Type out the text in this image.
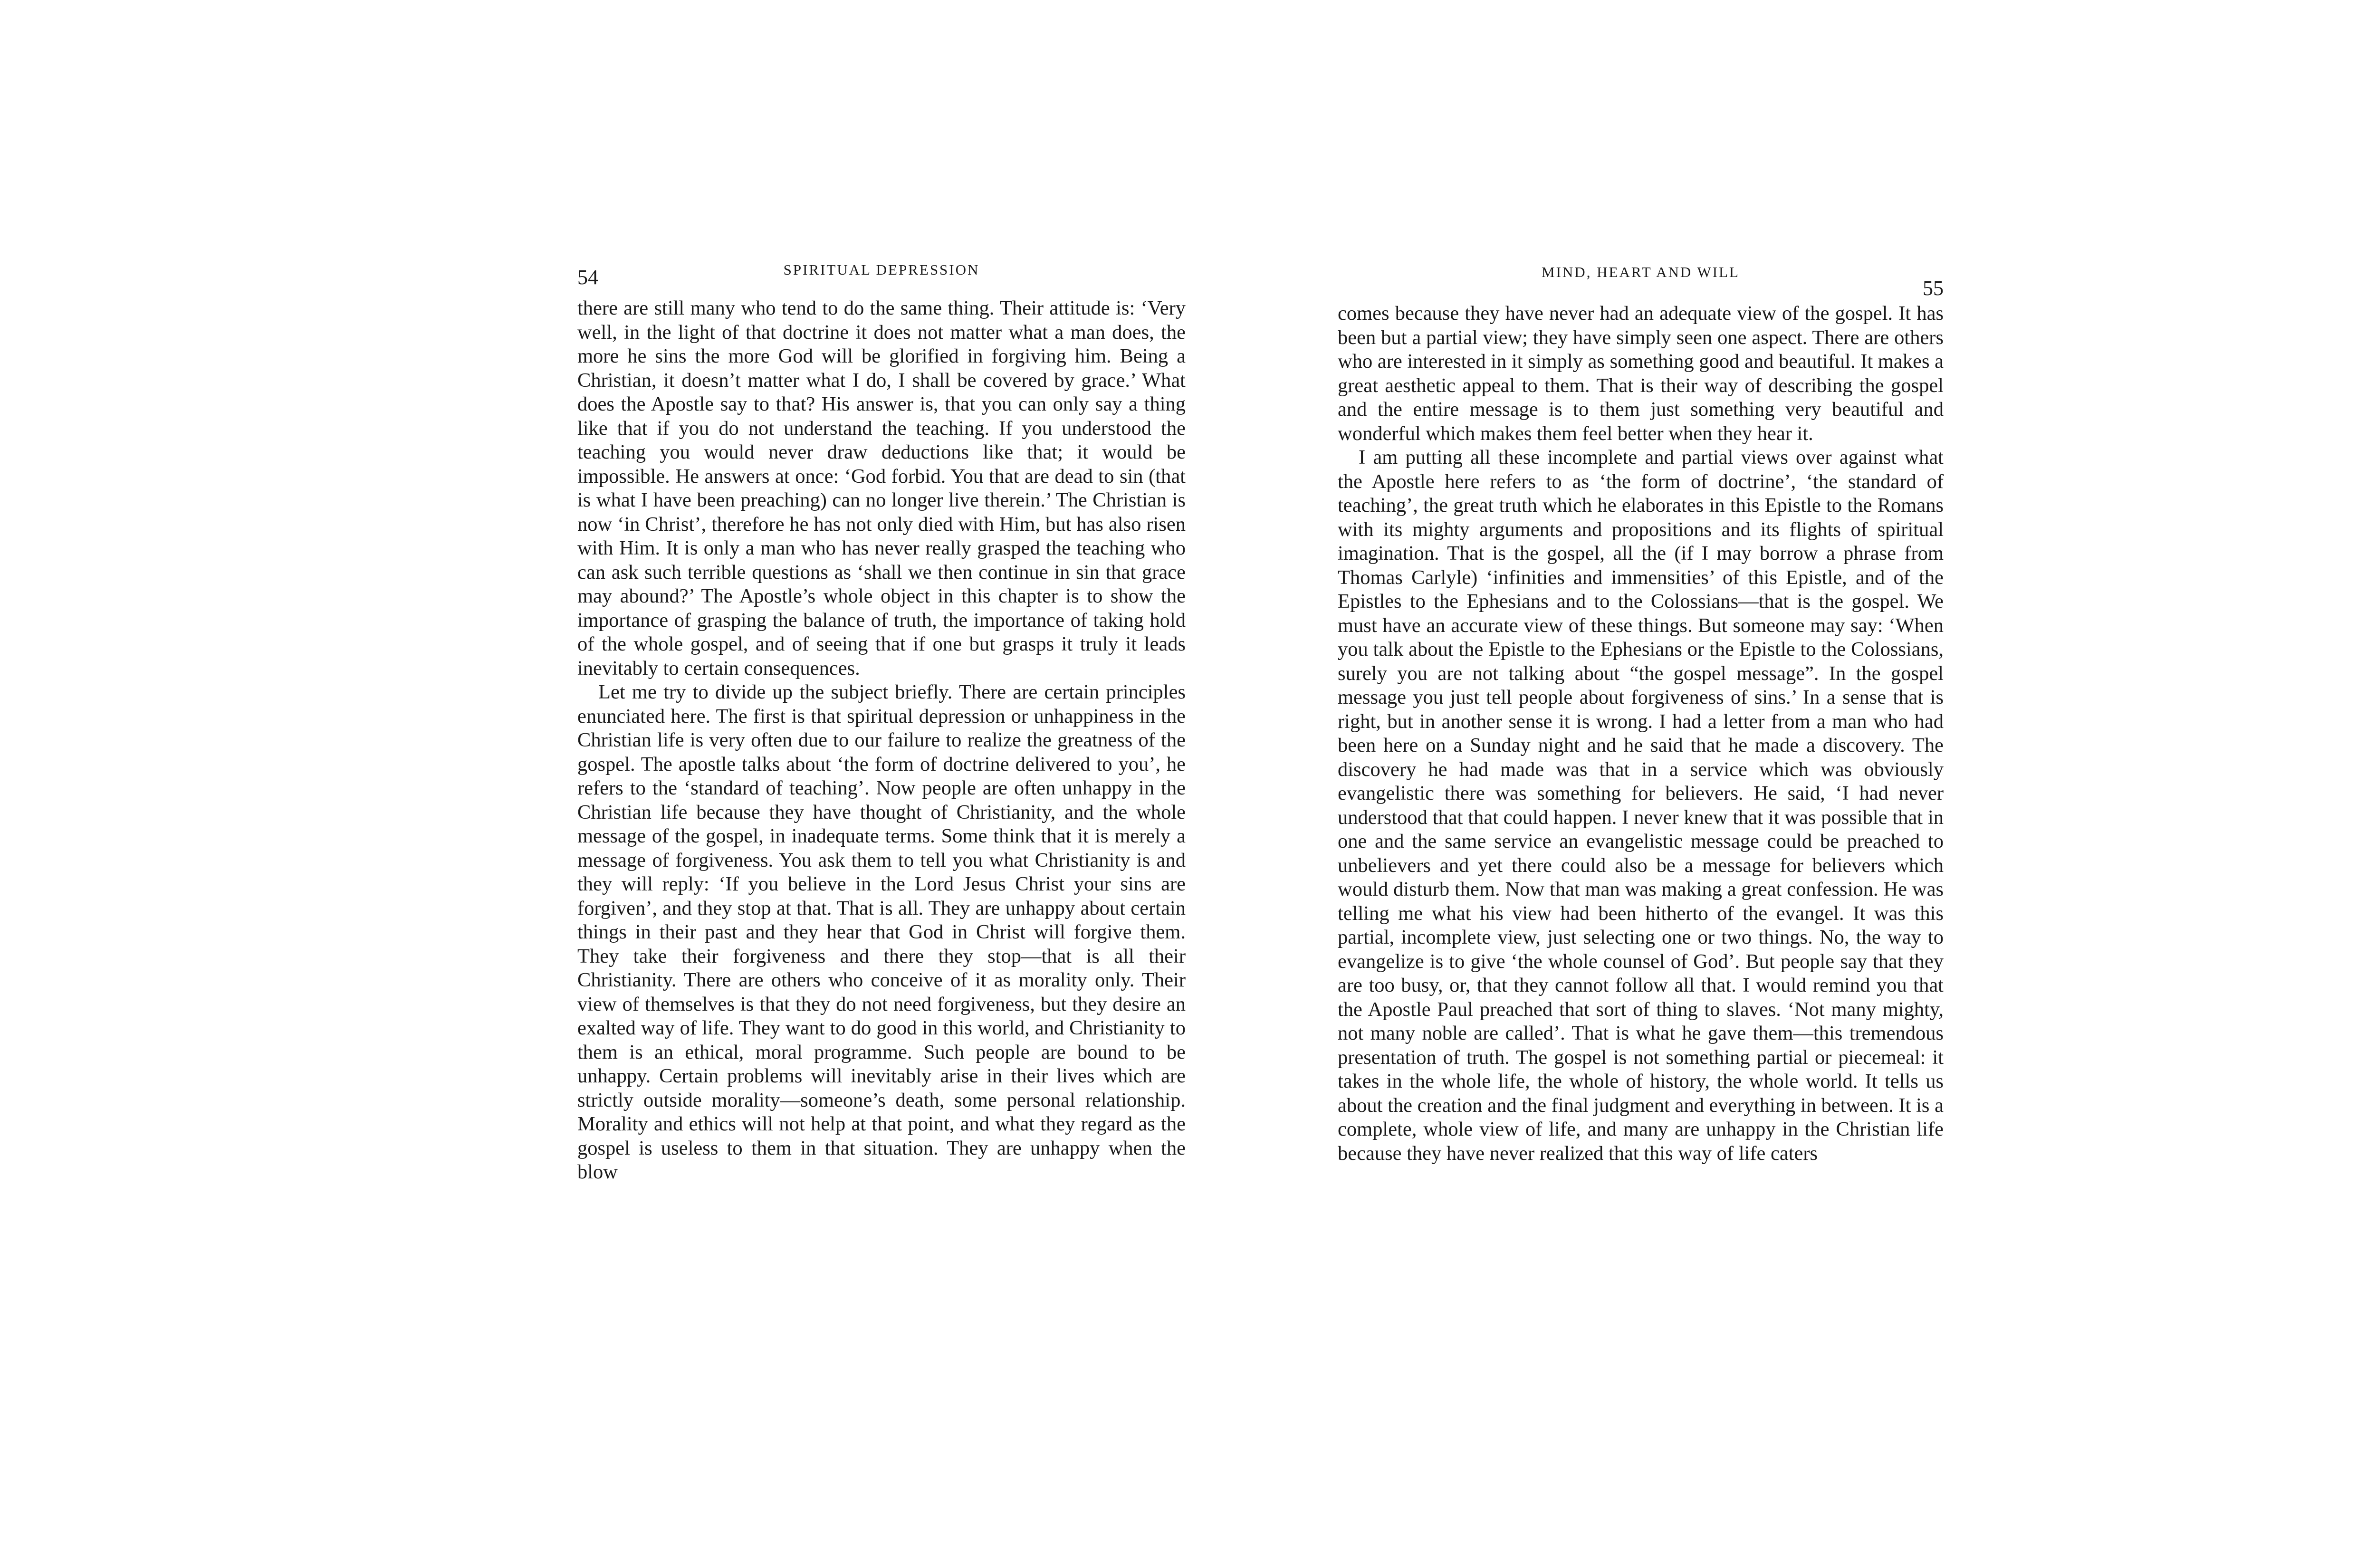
54	SPIRITUAL DEPRESSION

there are still many who tend to do the same thing. Their attitude is: ‘Very well, in the light of that doctrine it does not matter what a man does, the more he sins the more God will be glorified in forgiving him. Being a Christian, it doesn’t matter what I do, I shall be covered by grace.’ What does the Apostle say to that? His answer is, that you can only say a thing like that if you do not understand the teaching. If you understood the teaching you would never draw deductions like that; it would be impossible. He answers at once: ‘God forbid. You that are dead to sin (that is what I have been preaching) can no longer live therein.’ The Christian is now ‘in Christ’, therefore he has not only died with Him, but has also risen with Him. It is only a man who has never really grasped the teaching who can ask such terrible questions as ‘shall we then continue in sin that grace may abound?’ The Apostle’s whole object in this chapter is to show the importance of grasping the balance of truth, the importance of taking hold of the whole gospel, and of seeing that if one but grasps it truly it leads inevitably to certain consequences.

Let me try to divide up the subject briefly. There are certain principles enunciated here. The first is that spiritual depression or unhappiness in the Christian life is very often due to our failure to realize the greatness of the gospel. The apostle talks about ‘the form of doctrine delivered to you’, he refers to the ‘standard of teaching’. Now people are often unhappy in the Christian life because they have thought of Christianity, and the whole message of the gospel, in inadequate terms. Some think that it is merely a message of forgiveness. You ask them to tell you what Christianity is and they will reply: ‘If you believe in the Lord Jesus Christ your sins are forgiven’, and they stop at that. That is all. They are unhappy about certain things in their past and they hear that God in Christ will forgive them. They take their forgiveness and there they stop—that is all their Christianity. There are others who conceive of it as morality only. Their view of themselves is that they do not need forgiveness, but they desire an exalted way of life. They want to do good in this world, and Christianity to them is an ethical, moral programme. Such people are bound to be unhappy. Certain problems will inevitably arise in their lives which are strictly outside morality—someone’s death, some personal relationship. Morality and ethics will not help at that point, and what they regard as the gospel is useless to them in that situation. They are unhappy when the blow

MIND, HEART AND WILL
55

comes because they have never had an adequate view of the gospel. It has been but a partial view; they have simply seen one aspect. There are others who are interested in it simply as something good and beautiful. It makes a great aesthetic appeal to them. That is their way of describing the gospel and the entire message is to them just something very beautiful and wonderful which makes them feel better when they hear it.

I am putting all these incomplete and partial views over against what the Apostle here refers to as ‘the form of doctrine’, ‘the standard of teaching’, the great truth which he elaborates in this Epistle to the Romans with its mighty arguments and propositions and its flights of spiritual imagination. That is the gospel, all the (if I may borrow a phrase from Thomas Carlyle) ‘infinities and immensities’ of this Epistle, and of the Epistles to the Ephesians and to the Colossians—that is the gospel. We must have an accurate view of these things. But someone may say: ‘When you talk about the Epistle to the Ephesians or the Epistle to the Colossians, surely you are not talking about “the gospel message”. In the gospel message you just tell people about forgiveness of sins.’ In a sense that is right, but in another sense it is wrong. I had a letter from a man who had been here on a Sunday night and he said that he made a discovery. The discovery he had made was that in a service which was obviously evangelistic there was something for believers. He said, ‘I had never understood that that could happen. I never knew that it was possible that in one and the same service an evangelistic message could be preached to unbelievers and yet there could also be a message for believers which would disturb them. Now that man was making a great confession. He was telling me what his view had been hitherto of the evangel. It was this partial, incomplete view, just selecting one or two things. No, the way to evangelize is to give ‘the whole counsel of God’. But people say that they are too busy, or, that they cannot follow all that. I would remind you that the Apostle Paul preached that sort of thing to slaves. ‘Not many mighty, not many noble are called’. That is what he gave them—this tremendous presentation of truth. The gospel is not something partial or piecemeal: it takes in the whole life, the whole of history, the whole world. It tells us about the creation and the final judgment and everything in between. It is a complete, whole view of life, and many are unhappy in the Christian life because they have never realized that this way of life caters
